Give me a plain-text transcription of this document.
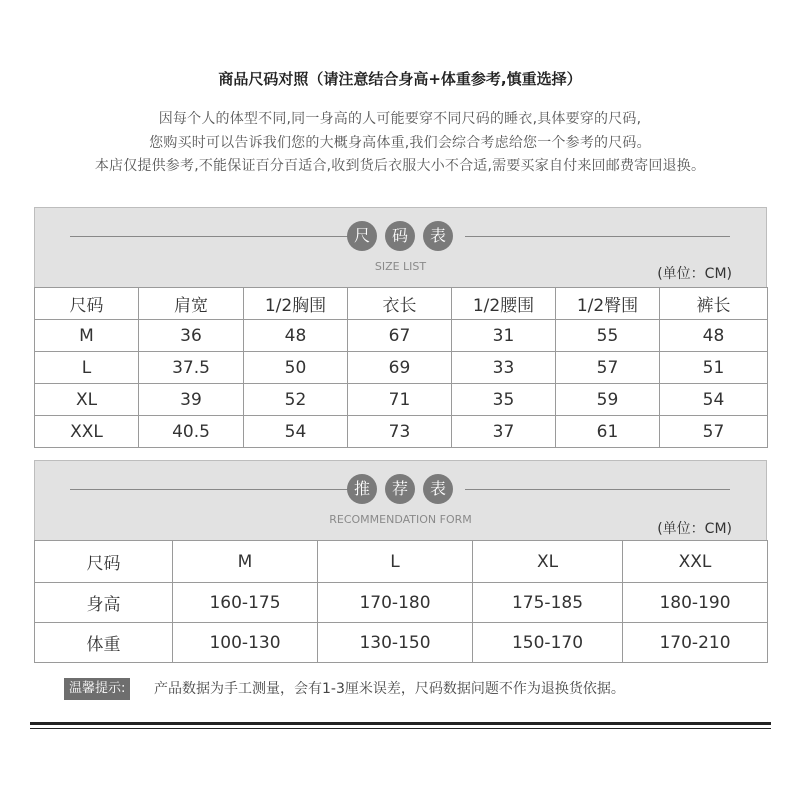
商品尺码对照（请注意结合身高+体重参考,慎重选择）
因每个人的体型不同,同一身高的人可能要穿不同尺码的睡衣,具体要穿的尺码,
您购买时可以告诉我们您的大概身高体重,我们会综合考虑给您一个参考的尺码。
本店仅提供参考,不能保证百分百适合,收到货后衣服大小不合适,需要买家自付来回邮费寄回退换。
尺	码	表
SIZE LIST	(单位：CM)
尺码	肩宽	1/2胸围	衣长	1/2腰围	1/2臀围	裤长
M	36	48	67	31	55	48
L	37.5	50	69	33	57	51
XL	39	52	71	35	59	54
XXL	40.5	54	73	37	61	57
推	荐	表
RECOMMENDATION FORM
(单位：CM)
尺码	M	L	XL	XXL
身高	160-175	170-180	175-185	180-190
体重	100-130	130-150	150-170	170-210
温馨提示:	产品数据为手工测量，会有1-3厘米误差，尺码数据问题不作为退换货依据。
